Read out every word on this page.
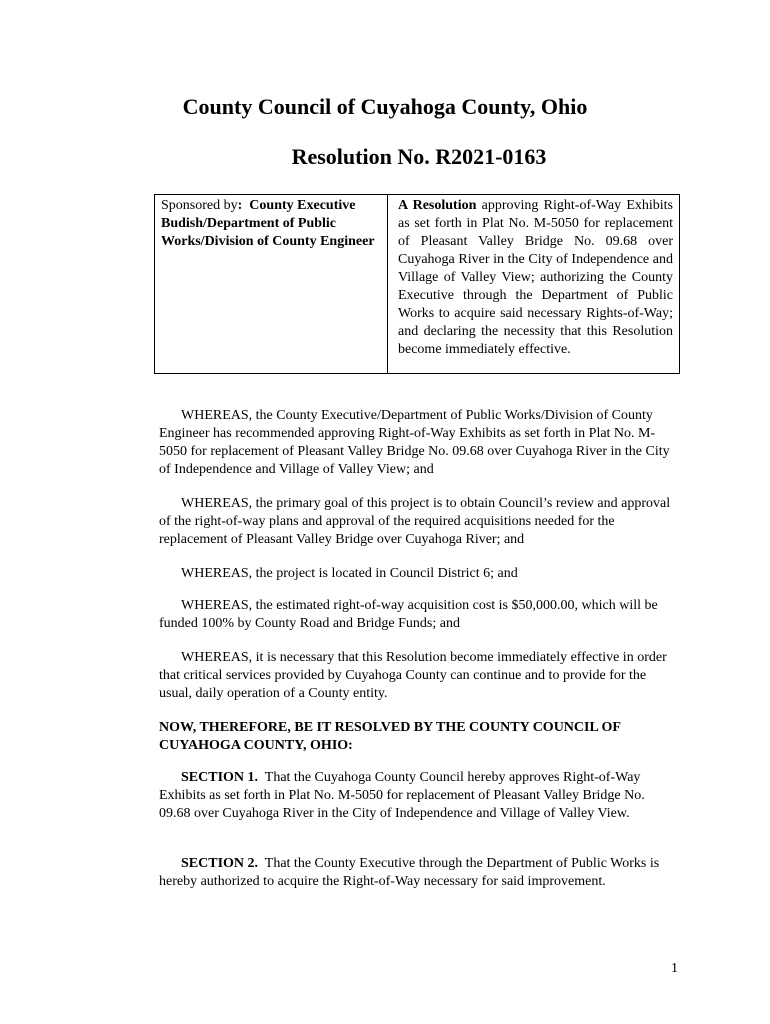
County Council of Cuyahoga County, Ohio
Resolution No. R2021-0163
Sponsored by: County Executive Budish/Department of Public Works/Division of County Engineer
A Resolution approving Right-of-Way Exhibits as set forth in Plat No. M-5050 for replacement of Pleasant Valley Bridge No. 09.68 over Cuyahoga River in the City of Independence and Village of Valley View; authorizing the County Executive through the Department of Public Works to acquire said necessary Rights-of-Way; and declaring the necessity that this Resolution become immediately effective.

WHEREAS, the County Executive/Department of Public Works/Division of County Engineer has recommended approving Right-of-Way Exhibits as set forth in Plat No. M-5050 for replacement of Pleasant Valley Bridge No. 09.68 over Cuyahoga River in the City of Independence and Village of Valley View; and

WHEREAS, the primary goal of this project is to obtain Council’s review and approval of the right-of-way plans and approval of the required acquisitions needed for the replacement of Pleasant Valley Bridge over Cuyahoga River; and

WHEREAS, the project is located in Council District 6; and

WHEREAS, the estimated right-of-way acquisition cost is $50,000.00, which will be funded 100% by County Road and Bridge Funds; and

WHEREAS, it is necessary that this Resolution become immediately effective in order that critical services provided by Cuyahoga County can continue and to provide for the usual, daily operation of a County entity.

NOW, THEREFORE, BE IT RESOLVED BY THE COUNTY COUNCIL OF CUYAHOGA COUNTY, OHIO:

SECTION 1. That the Cuyahoga County Council hereby approves Right-of-Way Exhibits as set forth in Plat No. M-5050 for replacement of Pleasant Valley Bridge No. 09.68 over Cuyahoga River in the City of Independence and Village of Valley View.

SECTION 2. That the County Executive through the Department of Public Works is hereby authorized to acquire the Right-of-Way necessary for said improvement.

1
